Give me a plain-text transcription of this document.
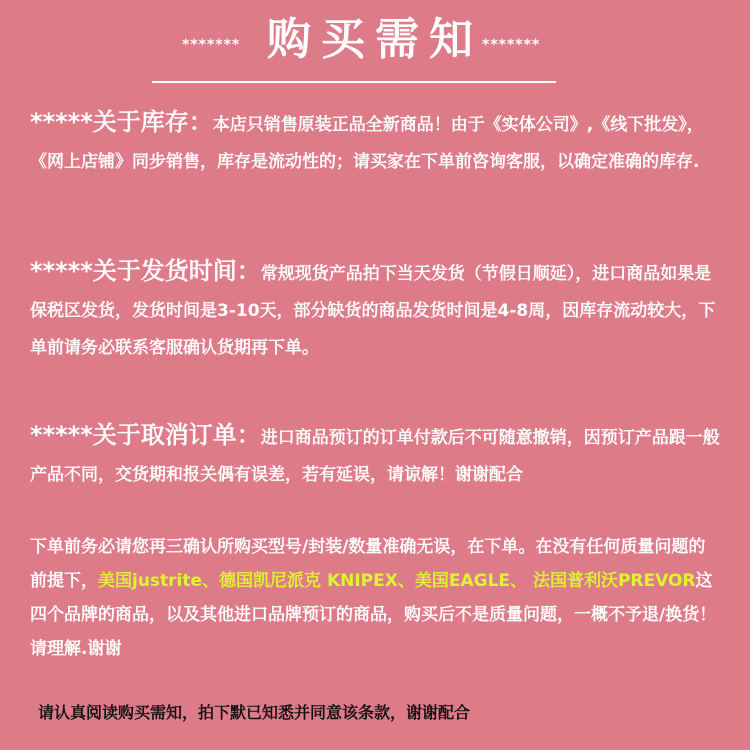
******* 购买需知 *******
*****关于库存：本店只销售原装正品全新商品！由于《实体公司》,《线下批发》，《网上店铺》同步销售，库存是流动性的；请买家在下单前咨询客服，以确定准确的库存.
*****关于发货时间：常规现货产品拍下当天发货（节假日顺延），进口商品如果是保税区发货，发货时间是3-10天，部分缺货的商品发货时间是4-8周，因库存流动较大，下单前请务必联系客服确认货期再下单。
*****关于取消订单：进口商品预订的订单付款后不可随意撤销，因预订产品跟一般产品不同，交货期和报关偶有误差，若有延误，请谅解！谢谢配合
下单前务必请您再三确认所购买型号/封装/数量准确无误，在下单。在没有任何质量问题的前提下，美国justrite、德国凯尼派克 KNIPEX、美国EAGLE、 法国普利沃PREVOR这四个品牌的商品，以及其他进口品牌预订的商品，购买后不是质量问题，一概不予退/换货！请理解.谢谢
请认真阅读购买需知，拍下默已知悉并同意该条款，谢谢配合
